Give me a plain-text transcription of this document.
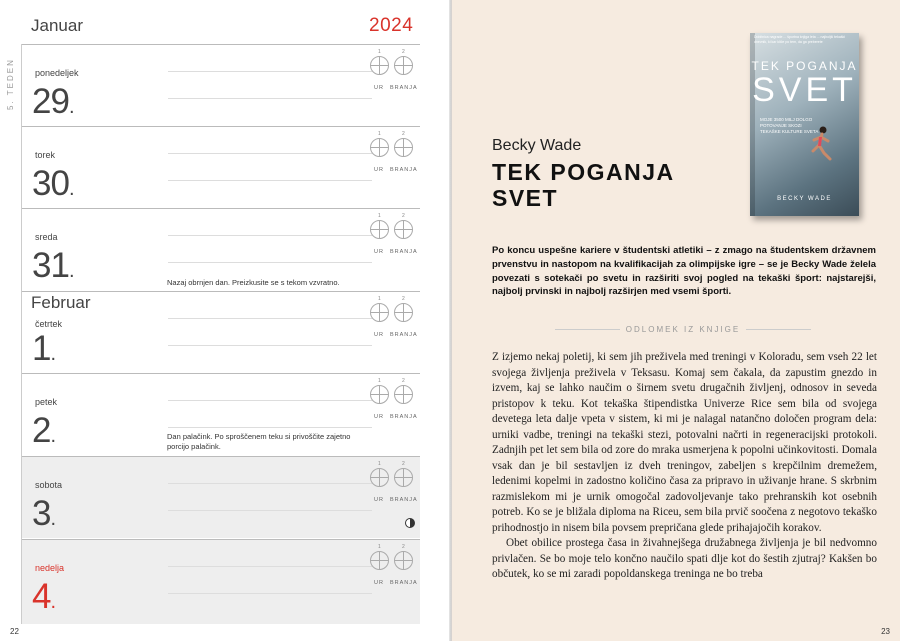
Januar	2024
5. TEDEN ponedeljek
29.
1	2
UR BRANJA
torek
30.
1	2
UR BRANJA
sreda
31.
Nazaj obrnjen dan. Preizkusite se s tekom vzvratno.
1	2
UR BRANJA
Februar
četrtek
1.
1	2
UR BRANJA
petek
2.	Dan palačink. Po sproščenem teku si privoščite zajetno porcijo palačink.
1	2
UR BRANJA
sobota
3.
1	2
UR BRANJA
nedelja
4.
1	2
UR BRANJA
22
Dobitnica nagrade ... športna knjiga leta ... najboljši tekaški dnevnik, ki kar kliče po tem, da ga preberete
TEK POGANJA
SVET
MOJE 3500 MILJ DOLGO POTOVANJE SKOZI TEKAŠKE KULTURE SVETA
BECKY WADE
Becky Wade
TEK POGANJA
SVET
Po koncu uspešne kariere v študentski atletiki – z zmago na študentskem državnem prvenstvu in nastopom na kvalifikacijah za olimpijske igre – se je Becky Wade želela povezati s sotekači po svetu in razširiti svoj pogled na tekaški šport: najstarejši, najbolj prvinski in najbolj razširjen med vsemi športi.
ODLOMEK IZ KNJIGE

Z izjemo nekaj poletij, ki sem jih preživela med treningi v Koloradu, sem vseh 22 let svojega življenja preživela v Teksasu. Komaj sem čakala, da zapustim gnezdo in izvem, kaj se lahko naučim o širnem svetu drugačnih življenj, odnosov in seveda pristopov k teku. Kot tekaška štipendistka Univerze Rice sem bila od svojega devetega leta dalje vpeta v sistem, ki mi je nalagal natančno določen program dela: urniki vadbe, treningi na tekaški stezi, potovalni načrti in regeneracijski protokoli. Zadnjih pet let sem bila od zore do mraka usmerjena k popolni učinkovitosti. Domala vsak dan je bil sestavljen iz dveh treningov, zabeljen s krepčilnim dremežem, ledenimi kopelmi in zadostno količino časa za pripravo in uživanje hrane. S skrbnim razmislekom mi je urnik omogočal zadovoljevanje tako prehranskih kot osebnih potreb. Ko se je bližala diploma na Riceu, sem bila prvič soočena z negotovo tekaško prihodnostjo in nisem bila povsem prepričana glede prihajajočih korakov.

Obet obilice prostega časa in živahnejšega družabnega življenja je bil nedvomno privlačen. Se bo moje telo končno naučilo spati dlje kot do šestih zjutraj? Kakšen bo občutek, ko se mi zaradi popoldanskega treninga ne bo treba

23
